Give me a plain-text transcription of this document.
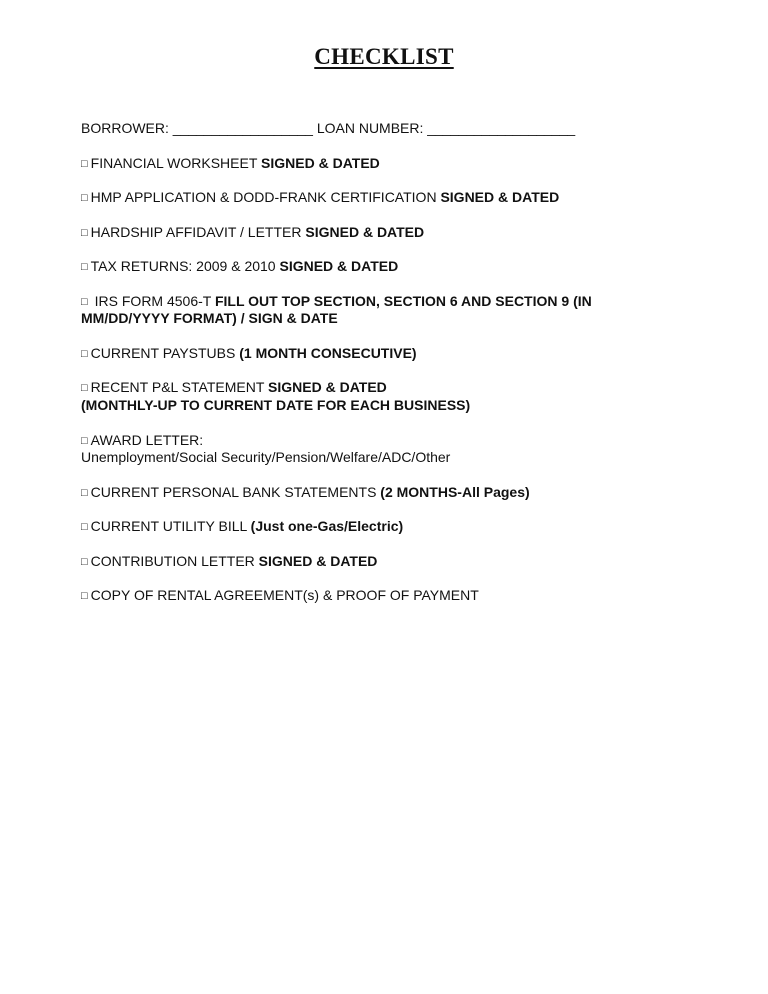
CHECKLIST
BORROWER: __________________ LOAN NUMBER: ___________________
□ FINANCIAL WORKSHEET SIGNED & DATED
□ HMP APPLICATION & DODD-FRANK CERTIFICATION SIGNED & DATED
□ HARDSHIP AFFIDAVIT / LETTER SIGNED & DATED
□ TAX RETURNS: 2009 & 2010 SIGNED & DATED
□ IRS FORM 4506-T FILL OUT TOP SECTION, SECTION 6 AND SECTION 9 (IN
MM/DD/YYYY FORMAT) / SIGN & DATE
□ CURRENT PAYSTUBS (1 MONTH CONSECUTIVE)
□ RECENT P&L STATEMENT SIGNED & DATED
(MONTHLY-UP TO CURRENT DATE FOR EACH BUSINESS)
□ AWARD LETTER:
Unemployment/Social Security/Pension/Welfare/ADC/Other
□ CURRENT PERSONAL BANK STATEMENTS (2 MONTHS-All Pages)
□ CURRENT UTILITY BILL (Just one-Gas/Electric)
□ CONTRIBUTION LETTER SIGNED & DATED
□ COPY OF RENTAL AGREEMENT(s) & PROOF OF PAYMENT
